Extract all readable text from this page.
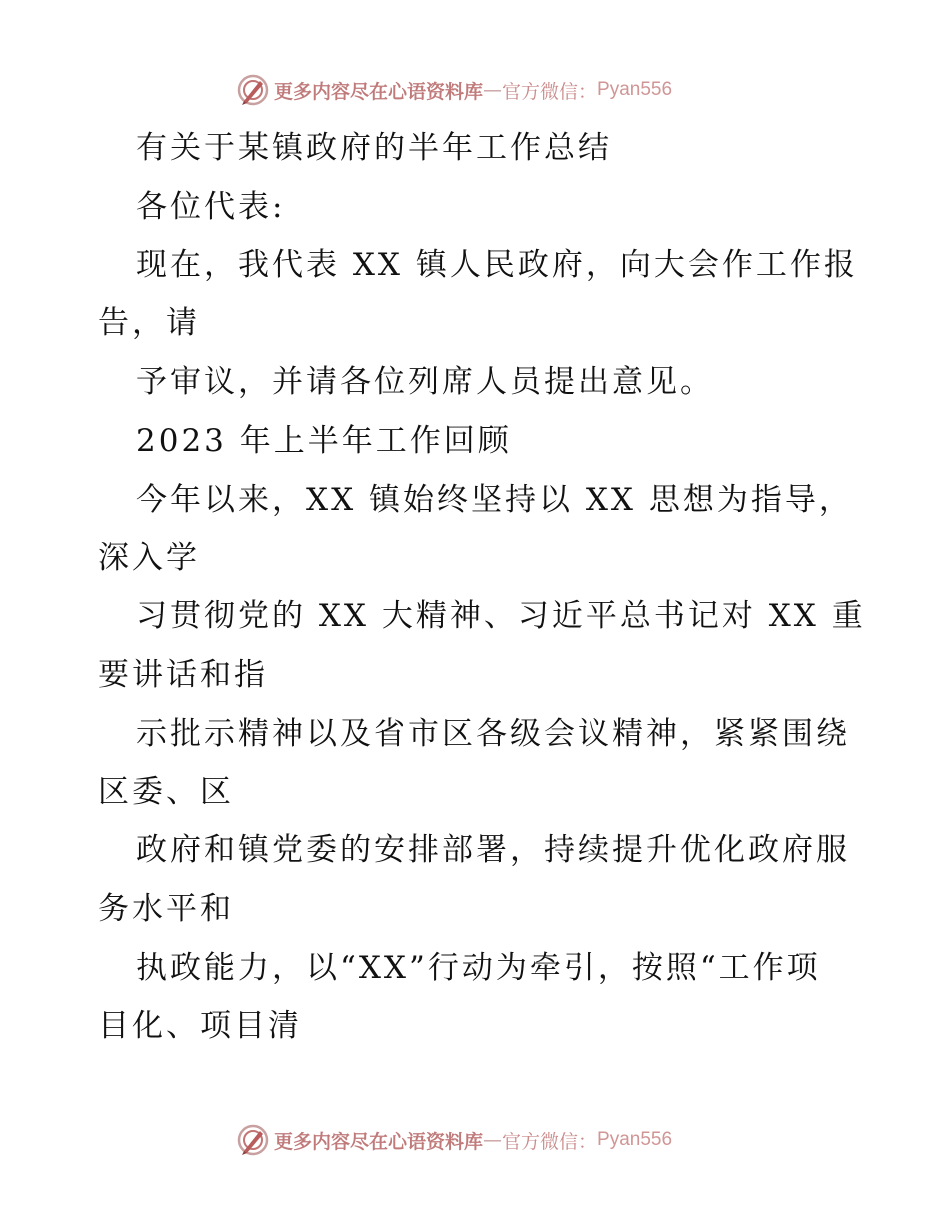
更多内容尽在心语资料库 — 官方微信： Pyan556
有关于某镇政府的半年工作总结
各位代表:
现在，我代表 XX 镇人民政府，向大会作工作报
告，请
予审议，并请各位列席人员提出意见。
2023 年上半年工作回顾
今年以来，XX 镇始终坚持以 XX 思想为指导，
深入学
习贯彻党的 XX 大精神、习近平总书记对 XX 重
要讲话和指
示批示精神以及省市区各级会议精神，紧紧围绕
区委、区
政府和镇党委的安排部署，持续提升优化政府服
务水平和
执政能力，以“XX”行动为牵引，按照“工作项
目化、项目清
更多内容尽在心语资料库 — 官方微信： Pyan556
